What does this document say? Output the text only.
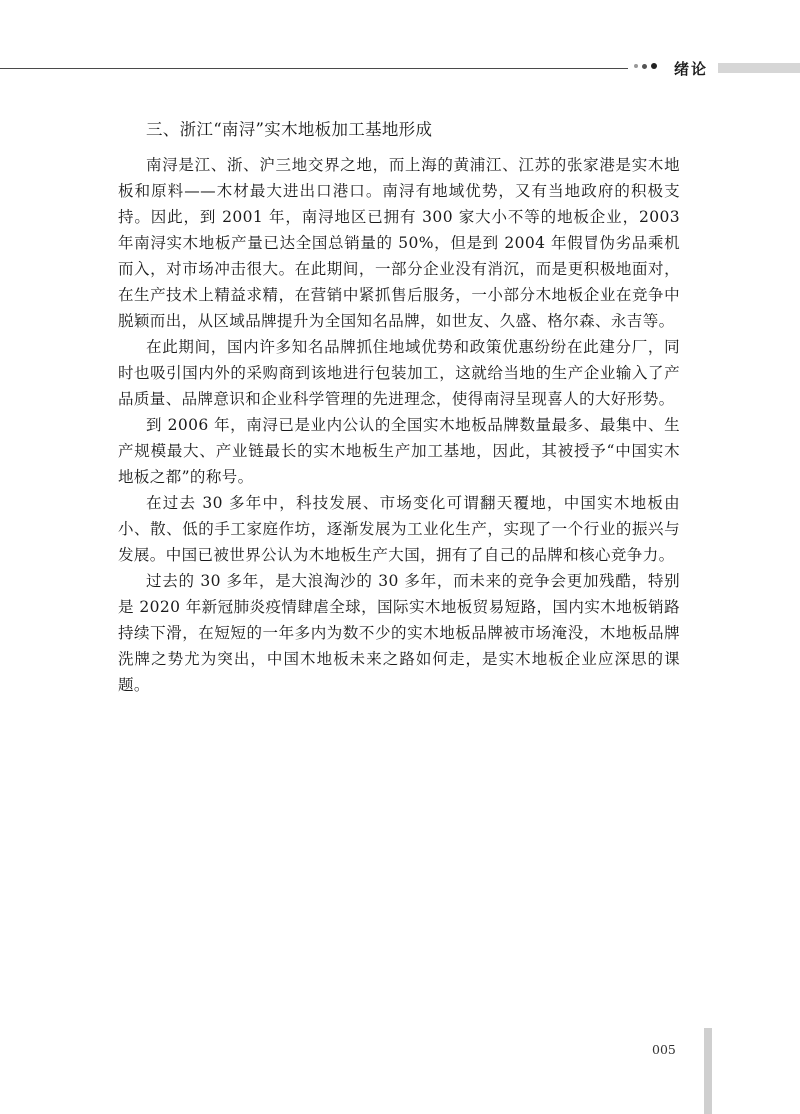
绪论
三、浙江“南浔”实木地板加工基地形成

南浔是江、浙、沪三地交界之地，而上海的黄浦江、江苏的张家港是实木地板和原料——木材最大进出口港口。南浔有地域优势，又有当地政府的积极支持。因此，到 2001 年，南浔地区已拥有 300 家大小不等的地板企业，2003 年南浔实木地板产量已达全国总销量的 50%，但是到 2004 年假冒伪劣品乘机而入，对市场冲击很大。在此期间，一部分企业没有消沉，而是更积极地面对，在生产技术上精益求精，在营销中紧抓售后服务，一小部分木地板企业在竞争中脱颖而出，从区域品牌提升为全国知名品牌，如世友、久盛、格尔森、永吉等。

在此期间，国内许多知名品牌抓住地域优势和政策优惠纷纷在此建分厂，同时也吸引国内外的采购商到该地进行包装加工，这就给当地的生产企业输入了产品质量、品牌意识和企业科学管理的先进理念，使得南浔呈现喜人的大好形势。

到 2006 年，南浔已是业内公认的全国实木地板品牌数量最多、最集中、生产规模最大、产业链最长的实木地板生产加工基地，因此，其被授予“中国实木地板之都”的称号。

在过去 30 多年中，科技发展、市场变化可谓翻天覆地，中国实木地板由小、散、低的手工家庭作坊，逐渐发展为工业化生产，实现了一个行业的振兴与发展。中国已被世界公认为木地板生产大国，拥有了自己的品牌和核心竞争力。

过去的 30 多年，是大浪淘沙的 30 多年，而未来的竞争会更加残酷，特别是 2020 年新冠肺炎疫情肆虐全球，国际实木地板贸易短路，国内实木地板销路持续下滑，在短短的一年多内为数不少的实木地板品牌被市场淹没，木地板品牌洗牌之势尤为突出，中国木地板未来之路如何走，是实木地板企业应深思的课题。

005
